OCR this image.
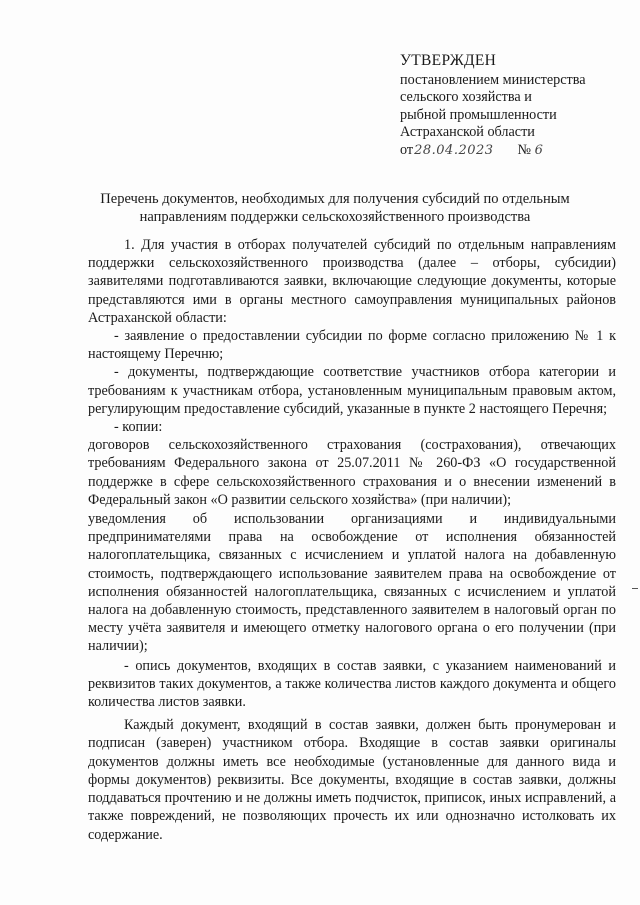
УТВЕРЖДЕН
постановлением министерства
сельского хозяйства и
рыбной промышленности
Астраханской области
от28.04.2023 № 6
Перечень документов, необходимых для получения субсидий по отдельным
направлениям поддержки сельскохозяйственного производства

1. Для участия в отборах получателей субсидий по отдельным направлениям поддержки сельскохозяйственного производства (далее – отборы, субсидии) заявителями подготавливаются заявки, включающие следующие документы, которые представляются ими в органы местного самоуправления муниципальных районов Астраханской области:

- заявление о предоставлении субсидии по форме согласно приложению № 1 к настоящему Перечню;

- документы, подтверждающие соответствие участников отбора категории и требованиям к участникам отбора, установленным муниципальным правовым актом, регулирующим предоставление субсидий, указанные в пункте 2 настоящего Перечня;

- копии:

договоров сельскохозяйственного страхования (сострахования), отвечающих требованиям Федерального закона от 25.07.2011 № 260-ФЗ «О государственной поддержке в сфере сельскохозяйственного страхования и о внесении изменений в Федеральный закон «О развитии сельского хозяйства» (при наличии);

уведомления об использовании организациями и индивидуальными предпринимателями права на освобождение от исполнения обязанностей налогоплательщика, связанных с исчислением и уплатой налога на добавленную стоимость, подтверждающего использование заявителем права на освобождение от исполнения обязанностей налогоплательщика, связанных с исчислением и уплатой налога на добавленную стоимость, представленного заявителем в налоговый орган по месту учёта заявителя и имеющего отметку налогового органа о его получении (при наличии);

- опись документов, входящих в состав заявки, с указанием наименований и реквизитов таких документов, а также количества листов каждого документа и общего количества листов заявки.

Каждый документ, входящий в состав заявки, должен быть пронумерован и подписан (заверен) участником отбора. Входящие в состав заявки оригиналы документов должны иметь все необходимые (установленные для данного вида и формы документов) реквизиты. Все документы, входящие в состав заявки, должны поддаваться прочтению и не должны иметь подчисток, приписок, иных исправлений, а также повреждений, не позволяющих прочесть их или однозначно истолковать их содержание.
